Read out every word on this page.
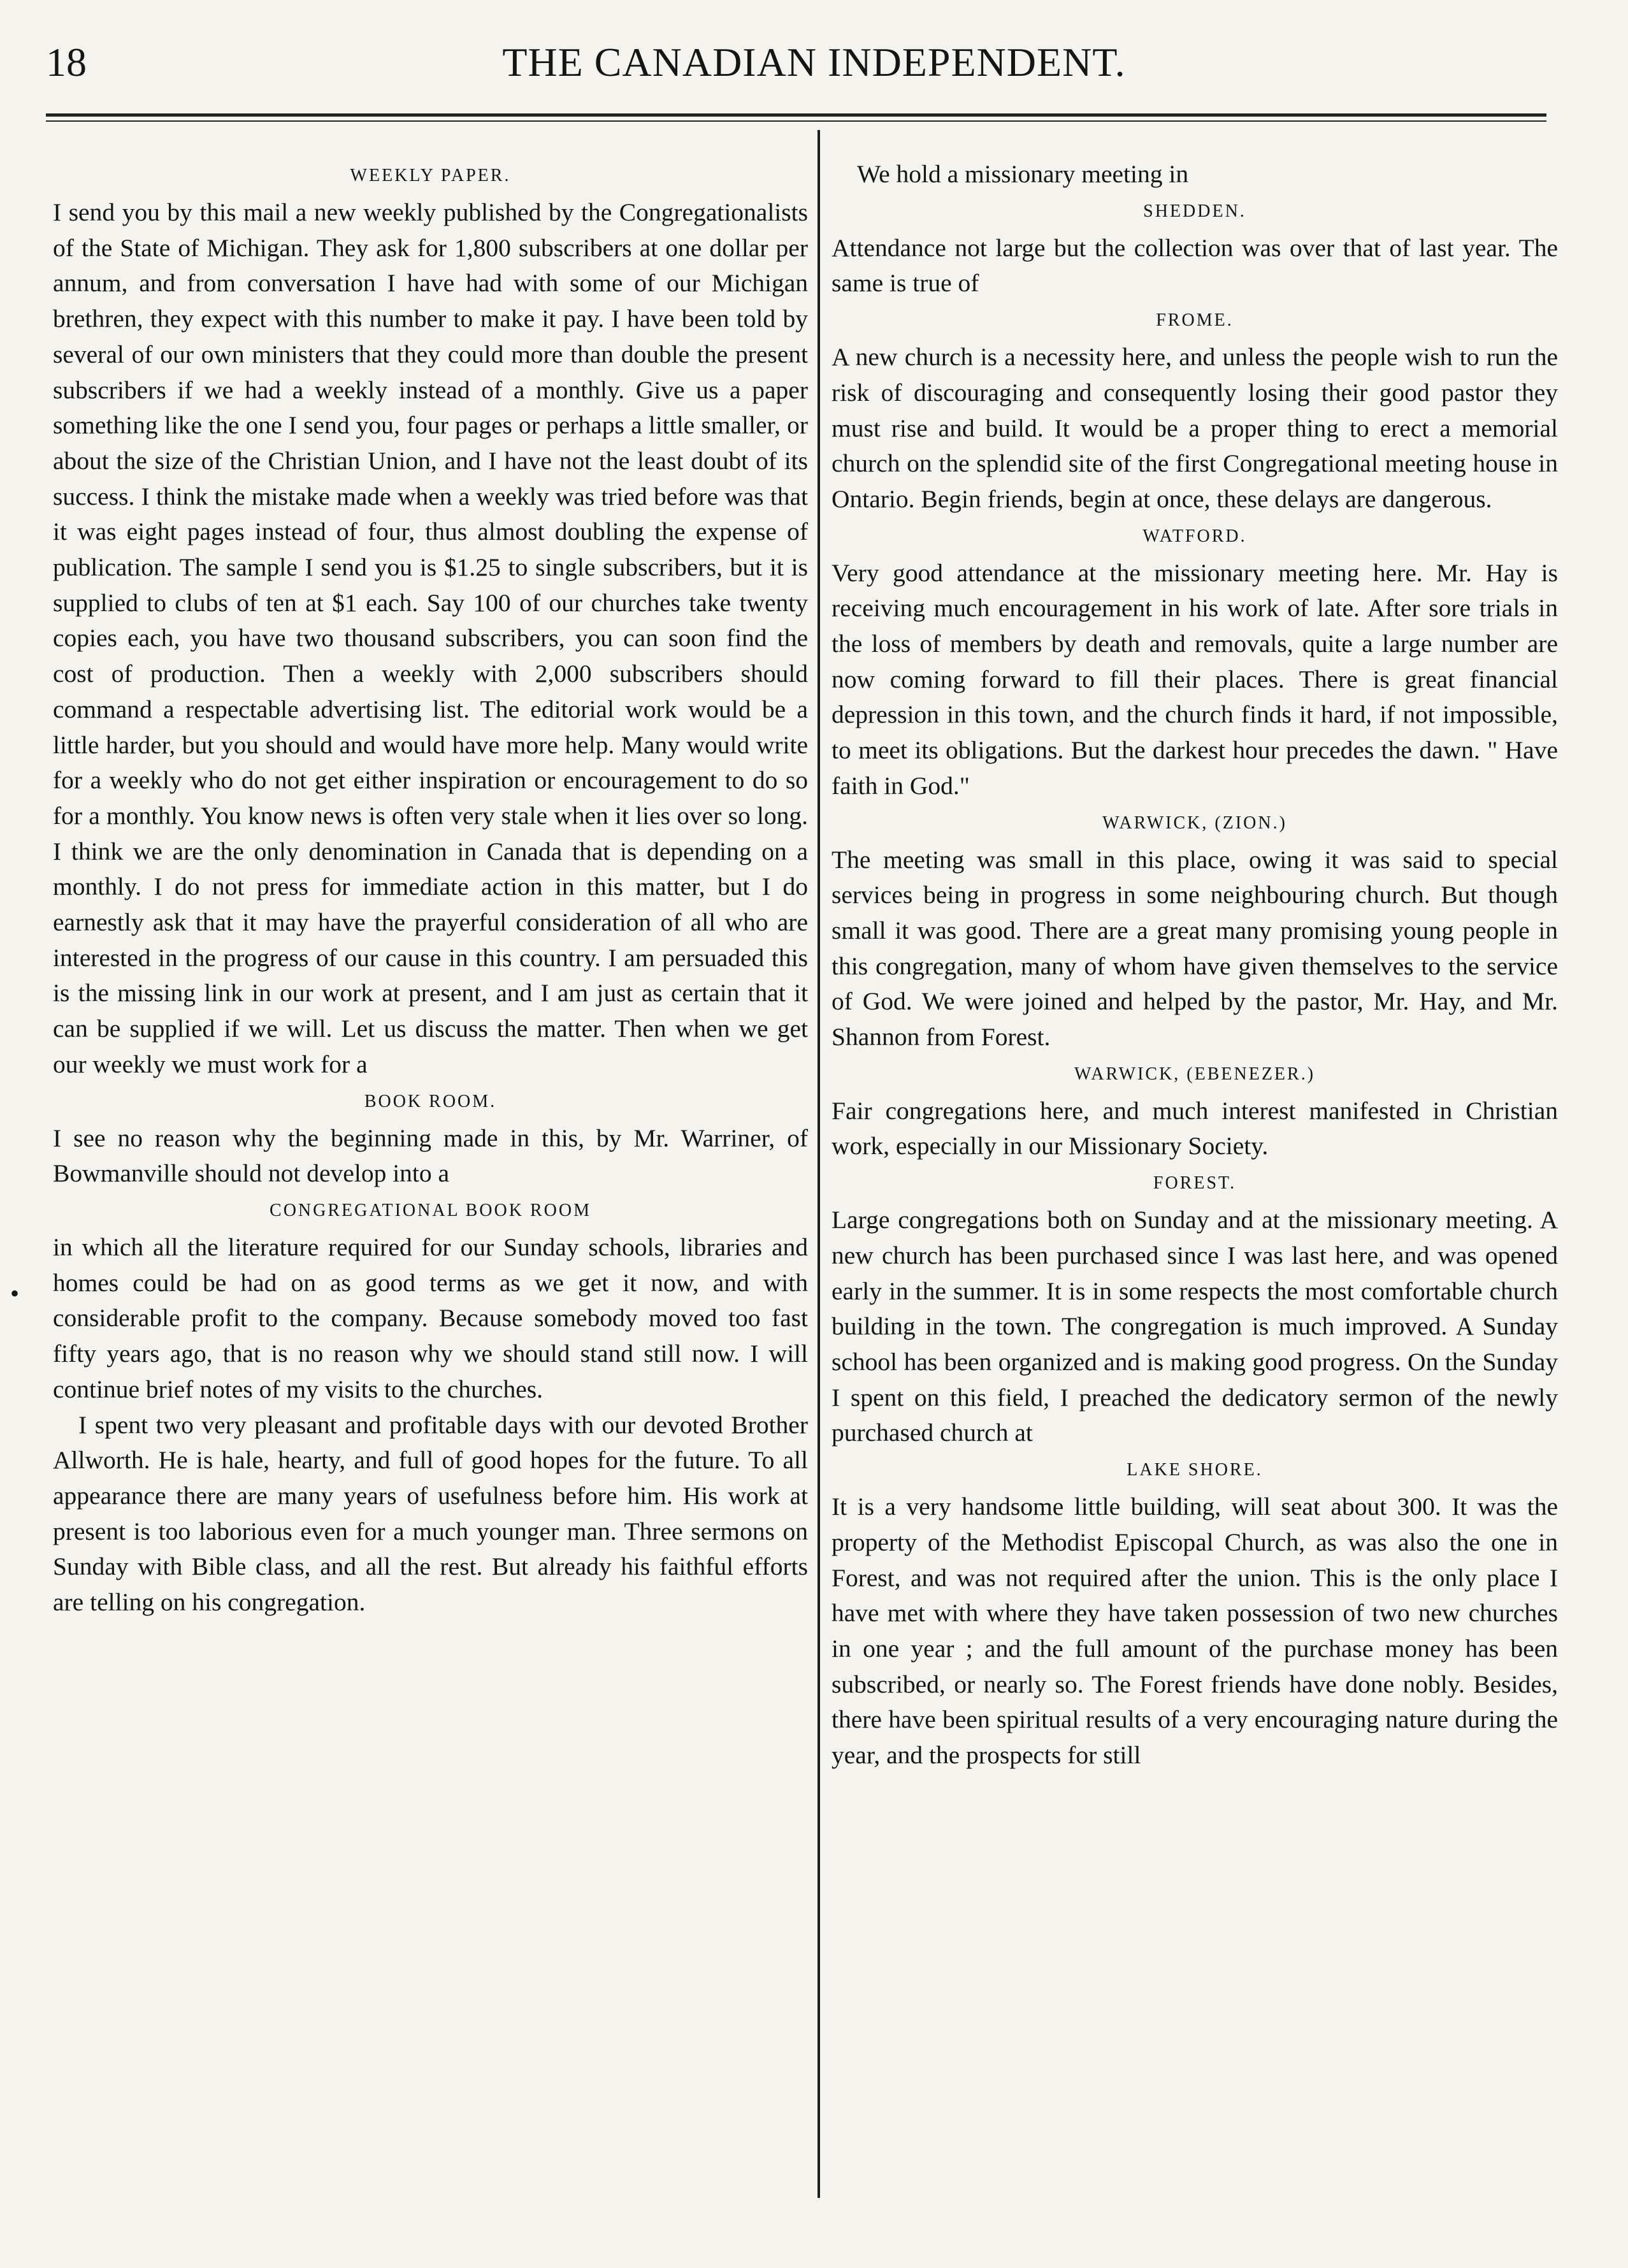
18	THE CANADIAN INDEPENDENT.
•
WEEKLY PAPER.

I send you by this mail a new weekly published by the Congregationalists of the State of Michigan. They ask for 1,800 subscribers at one dollar per annum, and from conversation I have had with some of our Michigan brethren, they expect with this number to make it pay. I have been told by several of our own ministers that they could more than double the present subscribers if we had a weekly instead of a monthly. Give us a paper something like the one I send you, four pages or perhaps a little smaller, or about the size of the Christian Union, and I have not the least doubt of its success. I think the mistake made when a weekly was tried before was that it was eight pages instead of four, thus almost doubling the expense of publication. The sample I send you is $1.25 to single subscribers, but it is supplied to clubs of ten at $1 each. Say 100 of our churches take twenty copies each, you have two thousand subscribers, you can soon find the cost of production. Then a weekly with 2,000 subscribers should command a respectable advertising list. The editorial work would be a little harder, but you should and would have more help. Many would write for a weekly who do not get either inspiration or encouragement to do so for a monthly. You know news is often very stale when it lies over so long. I think we are the only denomination in Canada that is depending on a monthly. I do not press for immediate action in this matter, but I do earnestly ask that it may have the prayerful consideration of all who are interested in the progress of our cause in this country. I am persuaded this is the missing link in our work at present, and I am just as certain that it can be supplied if we will. Let us discuss the matter. Then when we get our weekly we must work for a

BOOK ROOM.

I see no reason why the beginning made in this, by Mr. Warriner, of Bowmanville should not develop into a

CONGREGATIONAL BOOK ROOM

in which all the literature required for our Sunday schools, libraries and homes could be had on as good terms as we get it now, and with considerable profit to the company. Because somebody moved too fast fifty years ago, that is no reason why we should stand still now. I will continue brief notes of my visits to the churches.

I spent two very pleasant and profitable days with our devoted Brother Allworth. He is hale, hearty, and full of good hopes for the future. To all appearance there are many years of usefulness before him. His work at present is too laborious even for a much younger man. Three sermons on Sunday with Bible class, and all the rest. But already his faithful efforts are telling on his congregation.

We hold a missionary meeting in

SHEDDEN.

Attendance not large but the collection was over that of last year. The same is true of

FROME.

A new church is a necessity here, and unless the people wish to run the risk of discouraging and consequently losing their good pastor they must rise and build. It would be a proper thing to erect a memorial church on the splendid site of the first Congregational meeting house in Ontario. Begin friends, begin at once, these delays are dangerous.

WATFORD.

Very good attendance at the missionary meeting here. Mr. Hay is receiving much encouragement in his work of late. After sore trials in the loss of members by death and removals, quite a large number are now coming forward to fill their places. There is great financial depression in this town, and the church finds it hard, if not impossible, to meet its obligations. But the darkest hour precedes the dawn. " Have faith in God."

WARWICK, (ZION.)

The meeting was small in this place, owing it was said to special services being in progress in some neighbouring church. But though small it was good. There are a great many promising young people in this congregation, many of whom have given themselves to the service of God. We were joined and helped by the pastor, Mr. Hay, and Mr. Shannon from Forest.

WARWICK, (EBENEZER.)

Fair congregations here, and much interest manifested in Christian work, especially in our Missionary Society.

FOREST.

Large congregations both on Sunday and at the missionary meeting. A new church has been purchased since I was last here, and was opened early in the summer. It is in some respects the most comfortable church building in the town. The congregation is much improved. A Sunday school has been organized and is making good progress. On the Sunday I spent on this field, I preached the dedicatory sermon of the newly purchased church at

LAKE SHORE.

It is a very handsome little building, will seat about 300. It was the property of the Methodist Episcopal Church, as was also the one in Forest, and was not required after the union. This is the only place I have met with where they have taken possession of two new churches in one year ; and the full amount of the purchase money has been subscribed, or nearly so. The Forest friends have done nobly. Besides, there have been spiritual results of a very encouraging nature during the year, and the prospects for still
